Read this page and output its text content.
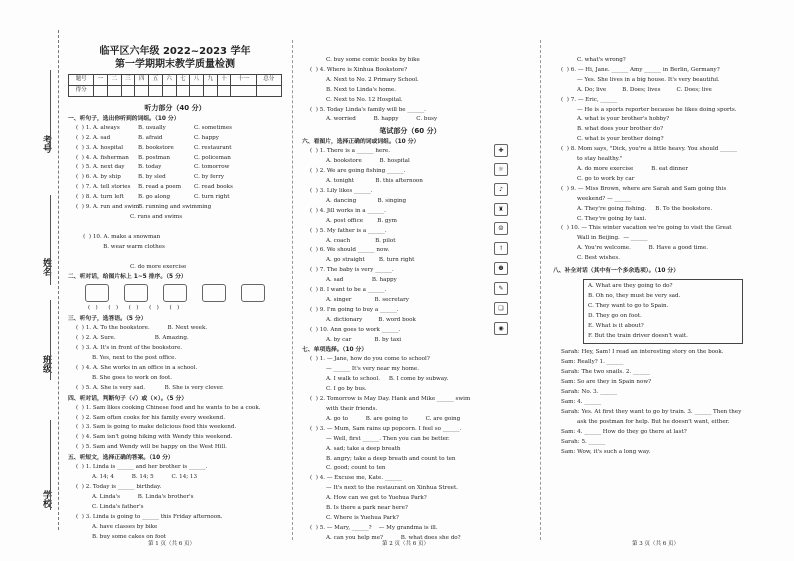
考号
姓名
班级
学校
临平区六年级 2022~2023 学年
第一学期期末教学质量检测
题号	一	二	三	四	五	六	七	八	九	十	十一	总分
得分												
听力部分（40 分）
一、听句子，选出你听到的词组。（10 分）
(  ) 1. A. always	B. usually	C. sometimes
(  ) 2. A. sad	B. afraid	C. happy
(  ) 3. A. hospital	B. bookstore	C. restaurant
(  ) 4. A. fisherman	B. postman	C. policeman
(  ) 5. A. next day	B. today	C. tomorrow
(  ) 6. A. by ship	B. by sled	C. by ferry
(  ) 7. A. tell stories	B. read a poem	C. read books
(  ) 8. A. turn left	B. go along	C. turn right
(  ) 9. A. run and swim
B. running and swimming
C. runs and swims

(  ) 10. A. make a snowman
B. wear warm clothes

C. do more exercise
二、听对话，给图片标上 1~5 排序。（5 分）
(   )      (   )      (   )      (   )      (   )
三、听句子，选答语。（5 分）
(  ) 1. A. To the bookstore.          B. Next week.
(  ) 2. A. Sure.                      B. Amazing.
(  ) 3. A. It's in front of the bookstore.
B. Yes, next to the post office.
(  ) 4. A. She works in an office in a school.
B. She goes to work on foot.
(  ) 5. A. She is very sad.           B. She is very clever.
四、听对话，判断句子（√）或（×）。（5 分）
(  ) 1. Sam likes cooking Chinese food and he wants to be a cook.
(  ) 2. Sam often cooks for his family every weekend.
(  ) 3. Sam is going to make delicious food this weekend.
(  ) 4. Sam isn't going hiking with Wendy this weekend.
(  ) 5. Sam and Wendy will be happy on the West Hill.
五、听短文，选择正确的答案。（10 分）
(  ) 1. Linda is ______ and her brother is ______.
A. 14; 4          B. 14; 5          C. 14; 13
(  ) 2. Today is ______ birthday.
A. Linda's          B. Linda's brother's
C. Linda's father's
(  ) 3. Linda is going to ______ this Friday afternoon.
A. have classes by bike
B. buy some cakes on foot
C. buy some comic books by bike
(  ) 4. Where is Xinhua Bookstore?
A. Next to No. 2 Primary School.
B. Next to Linda's home.
C. Next to No. 12 Hospital.
(  ) 5. Today Linda's family will be ______.
A. worried          B. happy          C. busy
笔试部分（60 分）
六、看图片，选择正确的词或词组。（10 分）
(  ) 1. There is a ______ here.
A. bookstore          B. hospital
(  ) 2. We are going fishing ______.
A. tonight            B. this afternoon
(  ) 3. Lily likes ______.
A. dancing            B. singing
(  ) 4. Jill works in a ______.
A. post office        B. gym
(  ) 5. My father is a ______.
A. coach              B. pilot
(  ) 6. We should ______ now.
A. go straight        B. turn right
(  ) 7. The baby is very ______.
A. sad                B. happy
(  ) 8. I want to be a ______.
A. singer             B. secretary
(  ) 9. I'm going to buy a ______.
A. dictionary         B. word book
(  ) 10. Ann goes to work ______.
A. by car             B. by taxi
七、单项选择。（10 分）
(  ) 1. — Jane, how do you come to school?
— ______ It's very near my home.
A. I walk to school.     B. I come by subway.
C. I go by bus.
(  ) 2. Tomorrow is May Day. Hank and Mike ______ swim
with their friends.
A. go to          B. are going to          C. are going
(  ) 3. — Mum, Sam rains up popcorn. I feel so ______.
— Well, first ______. Then you can be better.
A. sad; take a deep breath
B. angry; take a deep breath and count to ten
C. good; count to ten
(  ) 4. — Excuse me, Kate. ______
— It's next to the restaurant on Xinhua Street.
A. How can we get to Yuehua Park?
B. Is there a park near here?
C. Where is Yuehua Park?
(  ) 5. — Mary, ______?    — My grandma is ill.
A. can you help me?          B. what does she do?
✚
☼
♪
♜
☺
↑
☻
✎
❏
◉
C. what's wrong?
(  ) 6. — Hi, Jane. ______ Amy ______ in Berlin, Germany?
— Yes. She lives in a big house. It's very beautiful.
A. Do; live         B. Does; lives         C. Does; live
(  ) 7. — Eric, ______
— He is a sports reporter because he likes doing sports.
A. what is your brother's hobby?
B. what does your brother do?
C. what is your brother doing?
(  ) 8. Mom says, "Dick, you're a little heavy. You should ______
to stay healthy."
A. do more exercise          B. eat dinner
C. go to work by car
(  ) 9. — Miss Brown, where are Sarah and Sam going this
weekend? — ______
A. They're going fishing.     B. To the bookstore.
C. They're going by taxi.
(  ) 10. — This winter vacation we're going to visit the Great
Wall in Beijing.  — ______
A. You're welcome.          B. Have a good time.
C. Best wishes.
八、补全对话（其中有一个多余选项）。（10 分）
A. What are they going to do?
B. Oh no, they must be very sad.
C. They want to go to Spain.
D. They go on foot.
E. What is it about?
F. But the train driver doesn't wait.
Sarah: Hey, Sam! I read an interesting story on the book.
Sam: Really? 1. ______
Sarah: The two snails. 2. ______
Sam: So are they in Spain now?
Sarah: No. 3. ______
Sam: 4. ______
Sarah: Yes. At first they want to go by train. 3. ______ Then they
ask the postman for help. But he doesn't want, either.
Sam: 4. ______ How do they go there at last?
Sarah: 5. ______
Sam: Wow, it's such a long way.
第 1 页（共 6 页）	第 2 页（共 6 页）	第 3 页（共 6 页）
